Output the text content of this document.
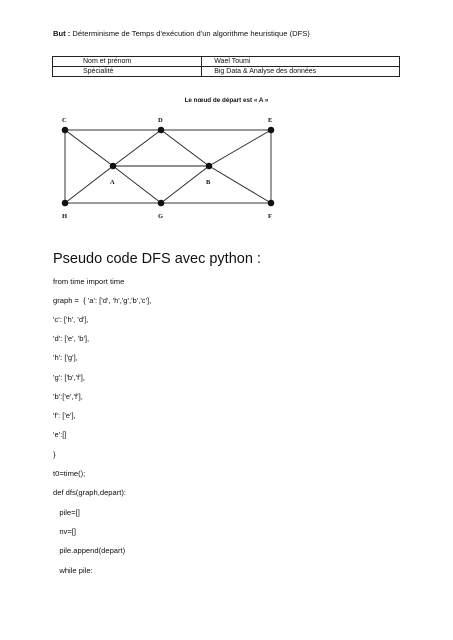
But : Déterminisme de Temps d'exécution d'un algorithme heuristique (DFS)
Nom et prénom	Wael Toumi
Spécialité	Big Data & Analyse des données
Le nœud de départ est « A »
C	D	E
A	B
H	G	F
Pseudo code DFS avec python :
from time import time
graph =  { 'a': ['d', 'h','g','b','c'],
'c': ['h', 'd'],
'd': ['e', 'b'],
'h': ['g'],
'g': ['b','f'],
'b':['e','f'],
'f': ['e'],
'e':[]
}
t0=time();
def dfs(graph,depart):
pile=[]
nv=[]
pile.append(depart)
while pile:
